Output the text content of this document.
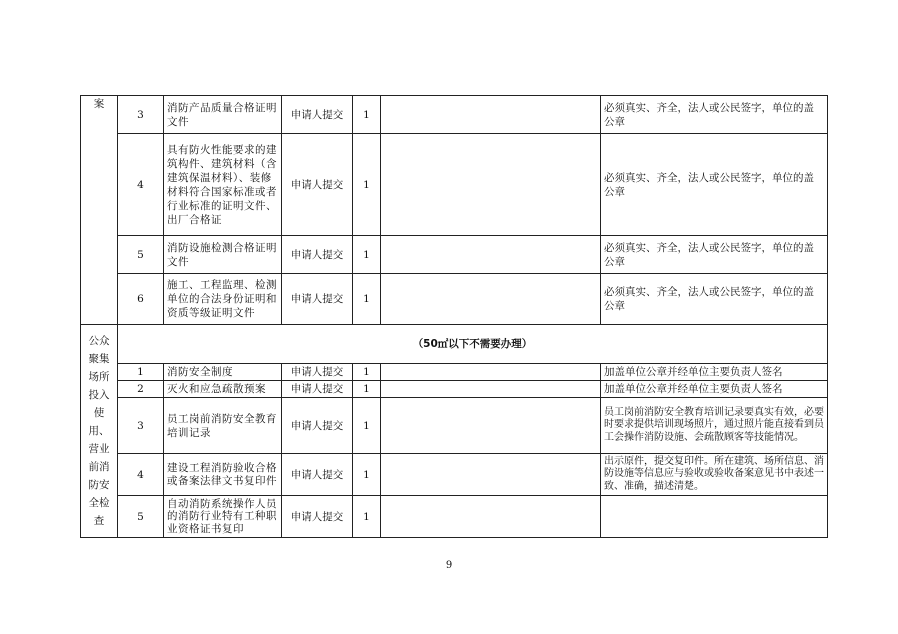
案	3	消防产品质量合格证明文件	申请人提交	1		必须真实、齐全，法人或公民签字，单位的盖公章
	4	具有防火性能要求的建筑构件、建筑材料（含建筑保温材料）、装修材料符合国家标准或者行业标准的证明文件、出厂合格证	申请人提交	1		必须真实、齐全，法人或公民签字，单位的盖公章
	5	消防设施检测合格证明文件	申请人提交	1		必须真实、齐全，法人或公民签字，单位的盖公章
	6	施工、工程监理、检测单位的合法身份证明和资质等级证明文件	申请人提交	1		必须真实、齐全，法人或公民签字，单位的盖公章
公众聚集场所投入使用、营业前消防安全检查	（50㎡以下不需要办理）					
	1	消防安全制度	申请人提交	1		加盖单位公章并经单位主要负责人签名
	2	灭火和应急疏散预案	申请人提交	1		加盖单位公章并经单位主要负责人签名
	3	员工岗前消防安全教育培训记录	申请人提交	1		员工岗前消防安全教育培训记录要真实有效，必要时要求提供培训现场照片，通过照片能直接看到员工会操作消防设施、会疏散顾客等技能情况。
	4	建设工程消防验收合格或备案法律文书复印件	申请人提交	1		出示原件，提交复印件。所在建筑、场所信息、消防设施等信息应与验收或验收备案意见书中表述一致、准确，描述清楚。
	5	自动消防系统操作人员的消防行业特有工种职业资格证书复印	申请人提交	1		
9
